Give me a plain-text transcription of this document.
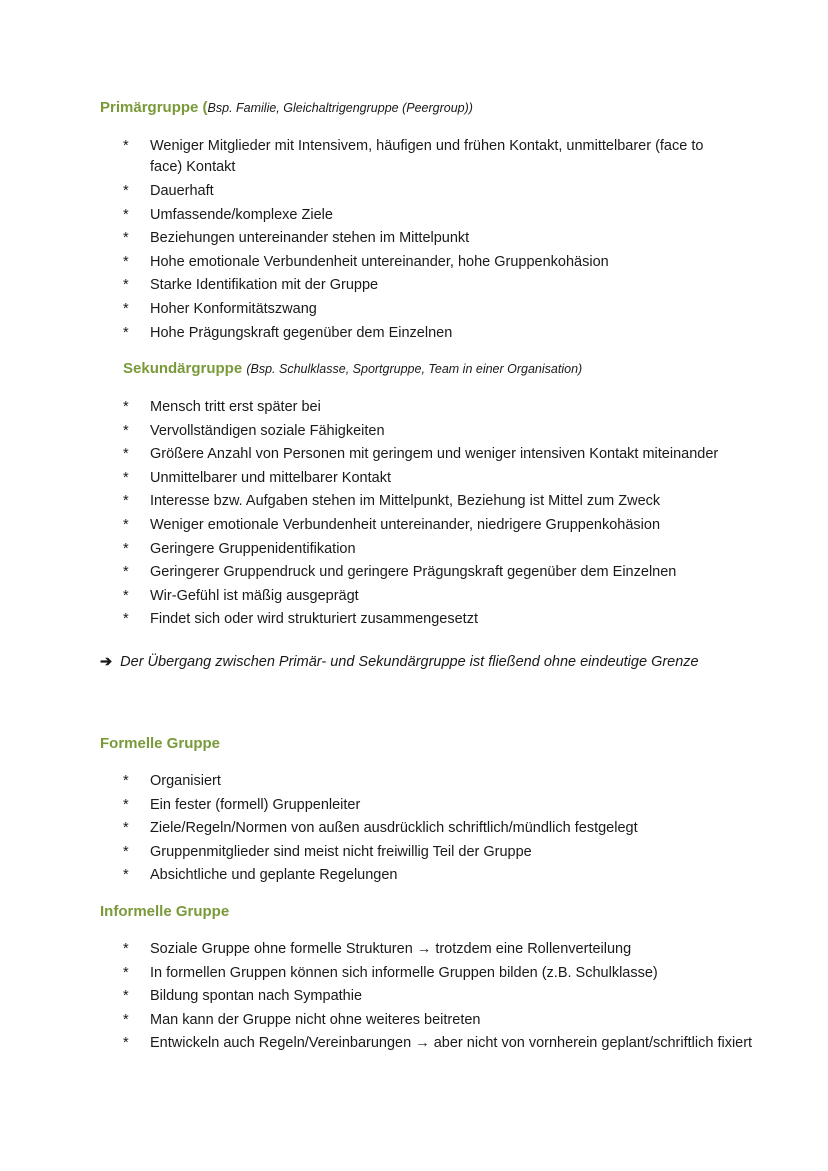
Primärgruppe (Bsp. Familie, Gleichaltrigengruppe (Peergroup))
* Weniger Mitglieder mit Intensivem, häufigen und frühen Kontakt, unmittelbarer (face to face) Kontakt
* Dauerhaft
* Umfassende/komplexe Ziele
* Beziehungen untereinander stehen im Mittelpunkt
* Hohe emotionale Verbundenheit untereinander, hohe Gruppenkohäsion
* Starke Identifikation mit der Gruppe
* Hoher Konformitätszwang
* Hohe Prägungskraft gegenüber dem Einzelnen
Sekundärgruppe (Bsp. Schulklasse, Sportgruppe, Team in einer Organisation)
* Mensch tritt erst später bei
* Vervollständigen soziale Fähigkeiten
* Größere Anzahl von Personen mit geringem und weniger intensiven Kontakt miteinander
* Unmittelbarer und mittelbarer Kontakt
* Interesse bzw. Aufgaben stehen im Mittelpunkt, Beziehung ist Mittel zum Zweck
* Weniger emotionale Verbundenheit untereinander, niedrigere Gruppenkohäsion
* Geringere Gruppenidentifikation
* Geringerer Gruppendruck und geringere Prägungskraft gegenüber dem Einzelnen
* Wir-Gefühl ist mäßig ausgeprägt
* Findet sich oder wird strukturiert zusammengesetzt
➔ Der Übergang zwischen Primär- und Sekundärgruppe ist fließend ohne eindeutige Grenze
Formelle Gruppe
* Organisiert
* Ein fester (formell) Gruppenleiter
* Ziele/Regeln/Normen von außen ausdrücklich schriftlich/mündlich festgelegt
* Gruppenmitglieder sind meist nicht freiwillig Teil der Gruppe
* Absichtliche und geplante Regelungen
Informelle Gruppe
* Soziale Gruppe ohne formelle Strukturen → trotzdem eine Rollenverteilung
* In formellen Gruppen können sich informelle Gruppen bilden (z.B. Schulklasse)
* Bildung spontan nach Sympathie
* Man kann der Gruppe nicht ohne weiteres beitreten
* Entwickeln auch Regeln/Vereinbarungen → aber nicht von vornherein geplant/schriftlich fixiert
